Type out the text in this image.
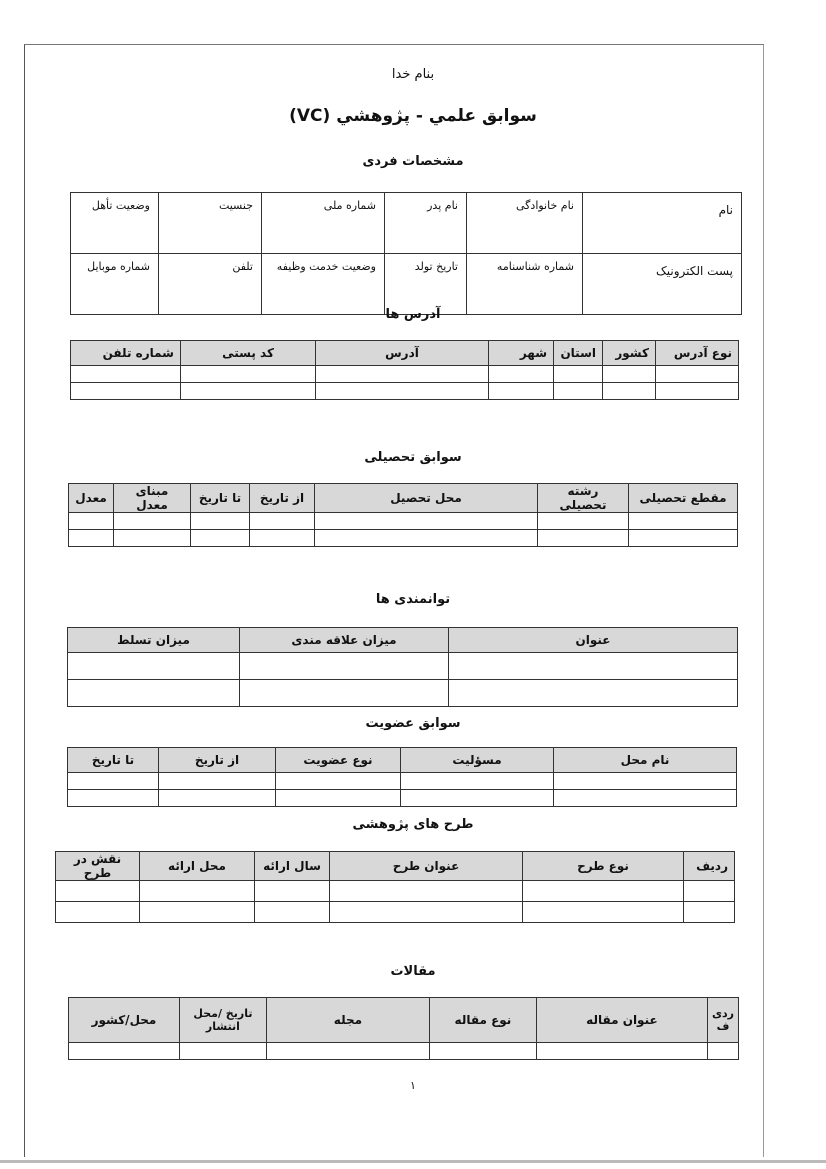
بنام خدا
سوابق علمي - پژوهشي (VC)
مشخصات فردی
نام	نام خانوادگی	نام پدر	شماره ملی	جنسیت	وضعیت تأهل
پست الکترونیک	شماره شناسنامه	تاریخ تولد	وضعیت خدمت وظیفه	تلفن	شماره موبایل
آدرس ها
نوع آدرس	کشور	استان	شهر	آدرس	کد پستی	شماره تلفن

سوابق تحصیلی
مقطع تحصیلی	رشته تحصیلی	محل تحصیل	از تاریخ	تا تاریخ	مبنای معدل	معدل

توانمندی ها
عنوان	میزان علاقه مندی	میزان تسلط

سوابق عضویت
نام محل	مسؤلیت	نوع عضویت	از تاریخ	تا تاریخ

طرح های پژوهشی
ردیف	نوع طرح	عنوان طرح	سال ارائه	محل ارائه	نقش در طرح

مقالات
ردی ف	عنوان مقاله	نوع مقاله	مجله	تاریخ /محل انتشار	محل/کشور

۱
